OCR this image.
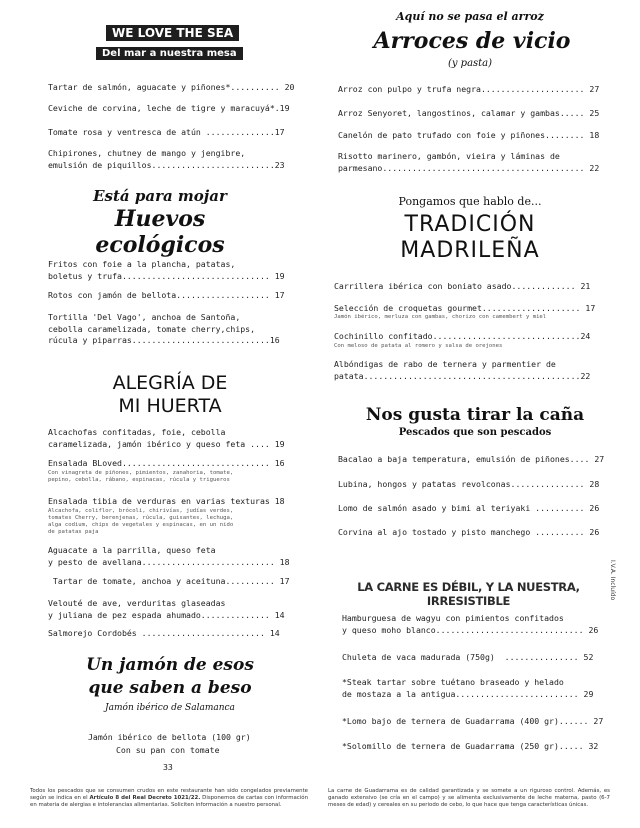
WE LOVE THE SEA
Del mar a nuestra mesa
Tartar de salmón, aguacate y piñones*.......... 20
Ceviche de corvina, leche de tigre y maracuyá*.19
Tomate rosa y ventresca de atún ..............17
Chipirones, chutney de mango y jengibre,
emulsión de piquillos.........................23
Está para mojar
Huevos ecológicos
Fritos con foie a la plancha, patatas,
boletus y trufa.............................. 19
Rotos con jamón de bellota................... 17
Tortilla 'Del Vago', anchoa de Santoña,
cebolla caramelizada, tomate cherry,chips,
rúcula y piparras............................16
ALEGRÍA DE
MI HUERTA
Alcachofas confitadas, foie, cebolla
caramelizada, jamón ibérico y queso feta .... 19
Ensalada BLoved.............................. 16
Con vinagreta de piñones, pimientos, zanahoria, tomate,
pepino, cebolla, rábano, espinacas, rúcula y trigueros
Ensalada tibia de verduras en varias texturas 18
Alcachofa, coliflor, brócoli, chirivías, judías verdes,
tomates Cherry, berenjenas, rúcula, guisantes, lechuga,
alga codium, chips de vegetales y espinacas, en un nido
de patatas paja
Aguacate a la parrilla, queso feta
y pesto de avellana........................... 18
Tartar de tomate, anchoa y aceituna.......... 17
Velouté de ave, verduritas glaseadas
y juliana de pez espada ahumado.............. 14
Salmorejo Cordobés ......................... 14
Un jamón de esos
que saben a beso
Jamón ibérico de Salamanca
Jamón ibérico de bellota (100 gr)
Con su pan con tomate
33
Aquí no se pasa el arroz
Arroces de vicio
(y pasta)
Arroz con pulpo y trufa negra..................... 27
Arroz Senyoret, langostinos, calamar y gambas..... 25
Canelón de pato trufado con foie y piñones........ 18
Risotto marinero, gambón, vieira y láminas de
parmesano......................................... 22
Pongamos que hablo de...
TRADICIÓN
MADRILEÑA
Carrillera ibérica con boniato asado............. 21
Selección de croquetas gourmet.................... 17
Jamón ibérico, merluza con gambas, chorizo con camembert y miel
Cochinillo confitado..............................24
Con meloso de patata al romero y salsa de orejones
Albóndigas de rabo de ternera y parmentier de
patata............................................22
Nos gusta tirar la caña
Pescados que son pescados
Bacalao a baja temperatura, emulsión de piñones.... 27
Lubina, hongos y patatas revolconas............... 28
Lomo de salmón asado y bimi al teriyaki .......... 26
Corvina al ajo tostado y pisto manchego .......... 26
LA CARNE ES DÉBIL, Y LA NUESTRA, IRRESISTIBLE
Hamburguesa de wagyu con pimientos confitados
y queso moho blanco.............................. 26
Chuleta de vaca madurada (750g)  ............... 52
*Steak tartar sobre tuétano braseado y helado
de mostaza a la antigua......................... 29
*Lomo bajo de ternera de Guadarrama (400 gr)...... 27
*Solomillo de ternera de Guadarrama (250 gr)..... 32
I.V.A. Incluído
Todos los pescados que se consumen crudos en este restaurante han sido congelados previamente según se indica en el Artículo 8 del Real Decreto 1021/22. Disponemos de cartas con información en materia de alergias e intolerancias alimentarias. Soliciten información a nuestro personal.
La carne de Guadarrama es de calidad garantizada y se somete a un riguroso control. Además, es ganado extensivo (se cría en el campo) y se alimenta exclusivamente de leche materna, pasto (6-7 meses de edad) y cereales en su periodo de cebo, lo que hace que tenga características únicas.
